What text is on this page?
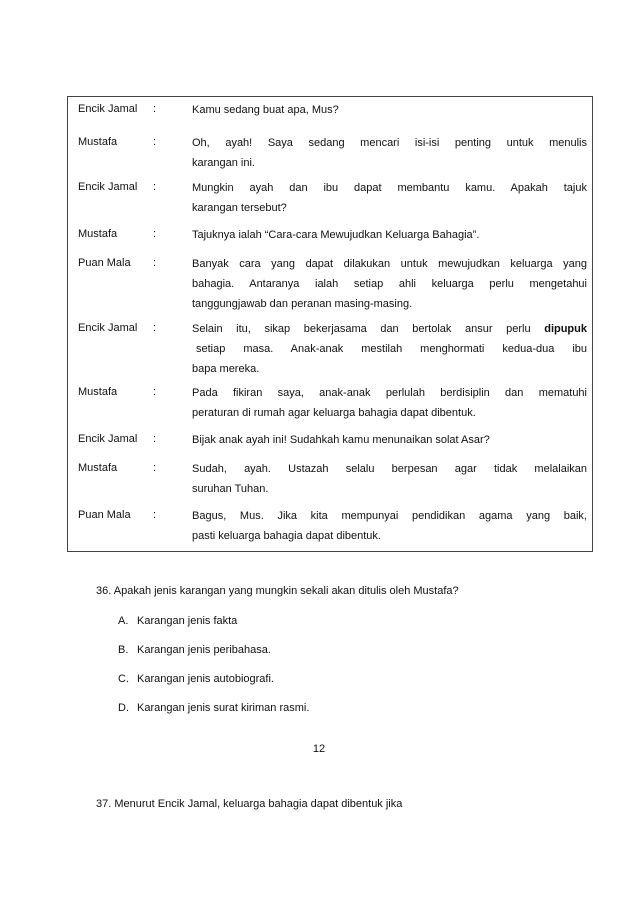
Encik Jamal :	Kamu sedang buat apa, Mus?
Mustafa	:	Oh, ayah! Saya sedang mencari isi-isi penting untuk menulis
karangan ini.
Encik Jamal :	Mungkin ayah dan ibu dapat membantu kamu. Apakah tajuk
karangan tersebut?
Mustafa	:	Tajuknya ialah “Cara-cara Mewujudkan Keluarga Bahagia”.
Puan Mala :	Banyak cara yang dapat dilakukan untuk mewujudkan keluarga yang
bahagia. Antaranya ialah setiap ahli keluarga perlu mengetahui
tanggungjawab dan peranan masing-masing.
Encik Jamal :	Selain itu, sikap bekerjasama dan bertolak ansur perlu dipupuk
setiap masa. Anak-anak mestilah menghormati kedua-dua ibu
bapa mereka.
Mustafa	:	Pada fikiran saya, anak-anak perlulah berdisiplin dan mematuhi
peraturan di rumah agar keluarga bahagia dapat dibentuk.
Encik Jamal :	Bijak anak ayah ini! Sudahkah kamu menunaikan solat Asar?
Mustafa	:	Sudah, ayah. Ustazah selalu berpesan agar tidak melalaikan
suruhan Tuhan.
Puan Mala :	Bagus, Mus. Jika kita mempunyai pendidikan agama yang baik,
pasti keluarga bahagia dapat dibentuk.
36. Apakah jenis karangan yang mungkin sekali akan ditulis oleh Mustafa?
A. Karangan jenis fakta
B. Karangan jenis peribahasa.
C. Karangan jenis autobiografi.
D. Karangan jenis surat kiriman rasmi.
12
37. Menurut Encik Jamal, keluarga bahagia dapat dibentuk jika
